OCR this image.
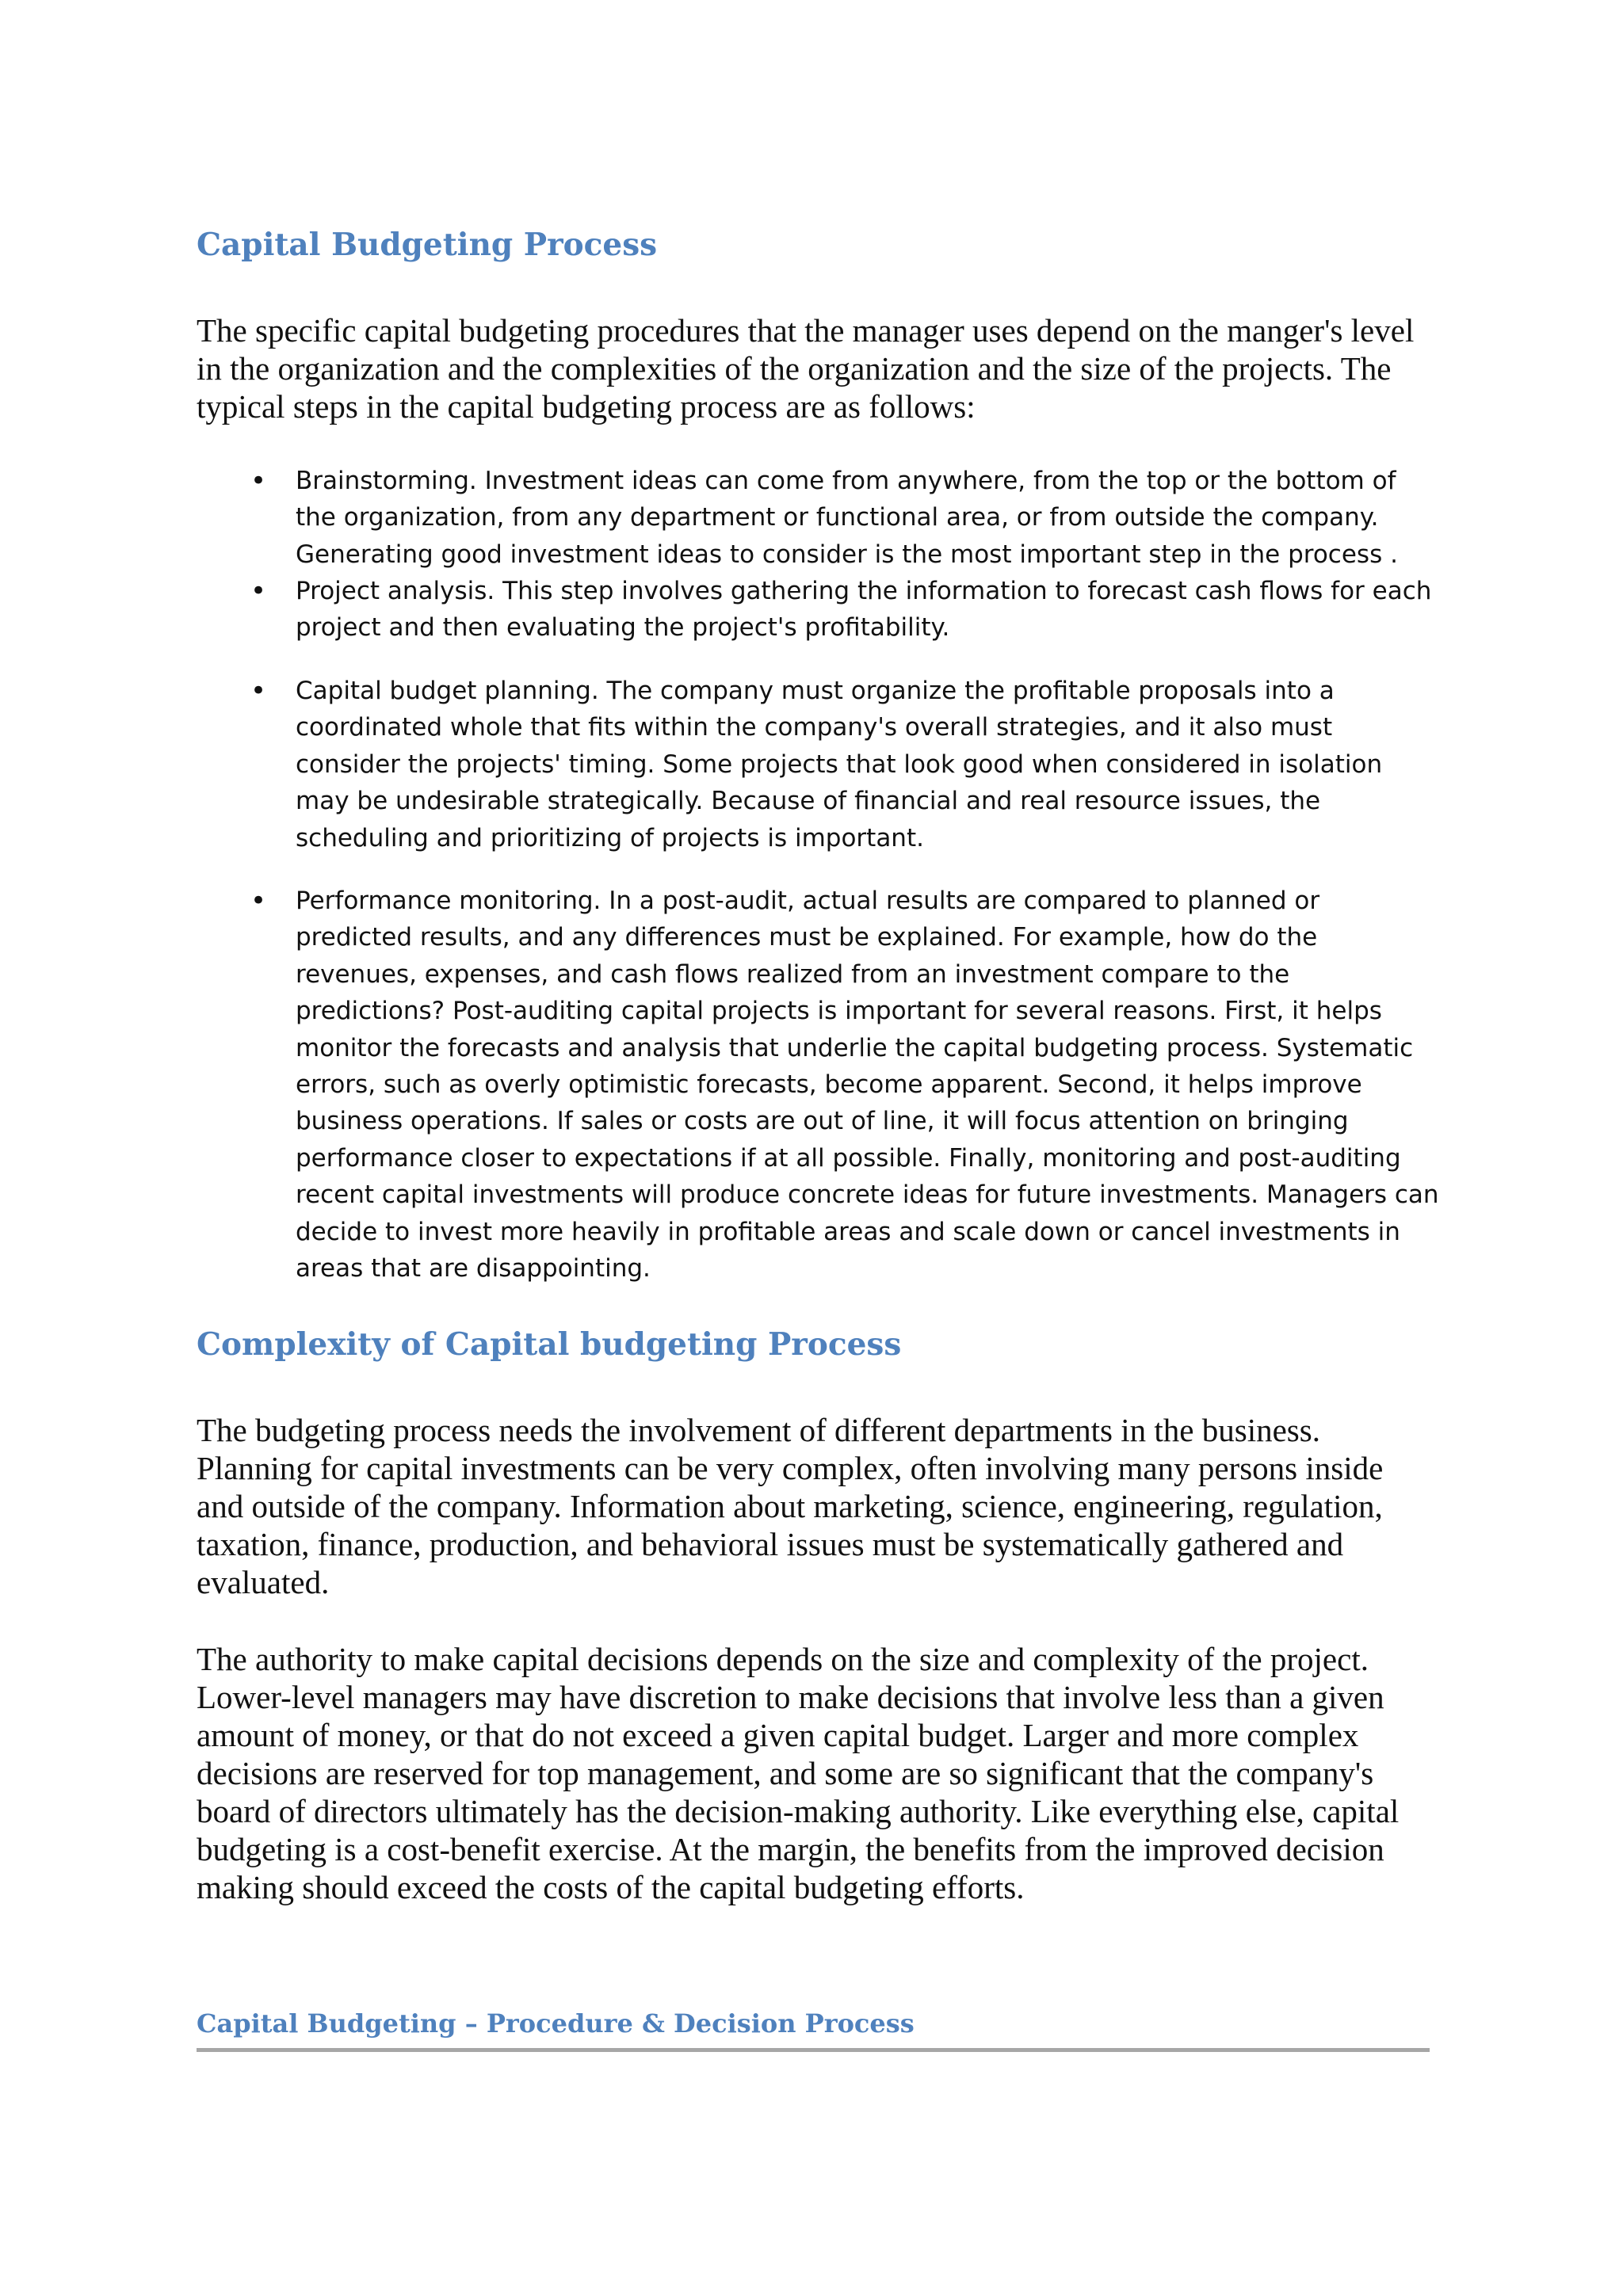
Capital Budgeting Process

The specific capital budgeting procedures that the manager uses depend on the manger's level
in the organization and the complexities of the organization and the size of the projects. The
typical steps in the capital budgeting process are as follows:

• Brainstorming. Investment ideas can come from anywhere, from the top or the bottom of
the organization, from any department or functional area, or from outside the company.
Generating good investment ideas to consider is the most important step in the process .
• Project analysis. This step involves gathering the information to forecast cash flows for each
project and then evaluating the project's profitability.
• Capital budget planning. The company must organize the profitable proposals into a
coordinated whole that fits within the company's overall strategies, and it also must
consider the projects' timing. Some projects that look good when considered in isolation
may be undesirable strategically. Because of financial and real resource issues, the
scheduling and prioritizing of projects is important.
• Performance monitoring. In a post-audit, actual results are compared to planned or
predicted results, and any differences must be explained. For example, how do the
revenues, expenses, and cash flows realized from an investment compare to the
predictions? Post-auditing capital projects is important for several reasons. First, it helps
monitor the forecasts and analysis that underlie the capital budgeting process. Systematic
errors, such as overly optimistic forecasts, become apparent. Second, it helps improve
business operations. If sales or costs are out of line, it will focus attention on bringing
performance closer to expectations if at all possible. Finally, monitoring and post-auditing
recent capital investments will produce concrete ideas for future investments. Managers can
decide to invest more heavily in profitable areas and scale down or cancel investments in
areas that are disappointing.
Complexity of Capital budgeting Process

The budgeting process needs the involvement of different departments in the business.
Planning for capital investments can be very complex, often involving many persons inside
and outside of the company. Information about marketing, science, engineering, regulation,
taxation, finance, production, and behavioral issues must be systematically gathered and
evaluated.

The authority to make capital decisions depends on the size and complexity of the project.
Lower-level managers may have discretion to make decisions that involve less than a given
amount of money, or that do not exceed a given capital budget. Larger and more complex
decisions are reserved for top management, and some are so significant that the company's
board of directors ultimately has the decision-making authority. Like everything else, capital
budgeting is a cost-benefit exercise. At the margin, the benefits from the improved decision
making should exceed the costs of the capital budgeting efforts.

Capital Budgeting – Procedure & Decision Process
